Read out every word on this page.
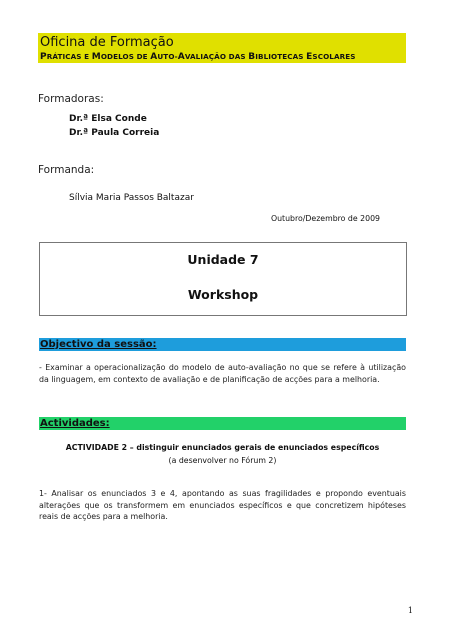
Oficina de Formação
PRÁTICAS E MODELOS DE AUTO-AVALIAÇÃO DAS BIBLIOTECAS ESCOLARES
Formadoras:
Dr.ª Elsa Conde
Dr.ª Paula Correia
Formanda:
Sílvia Maria Passos Baltazar
Outubro/Dezembro de 2009
Unidade 7
Workshop
Objectivo da sessão:
- Examinar a operacionalização do modelo de auto-avaliação no que se refere à utilização da linguagem, em contexto de avaliação e de planificação de acções para a melhoria.
Actividades:
ACTIVIDADE 2 – distinguir enunciados gerais de enunciados específicos
(a desenvolver no Fórum 2)
1- Analisar os enunciados 3 e 4, apontando as suas fragilidades e propondo eventuais alterações que os transformem em enunciados específicos e que concretizem hipóteses reais de acções para a melhoria.
1
